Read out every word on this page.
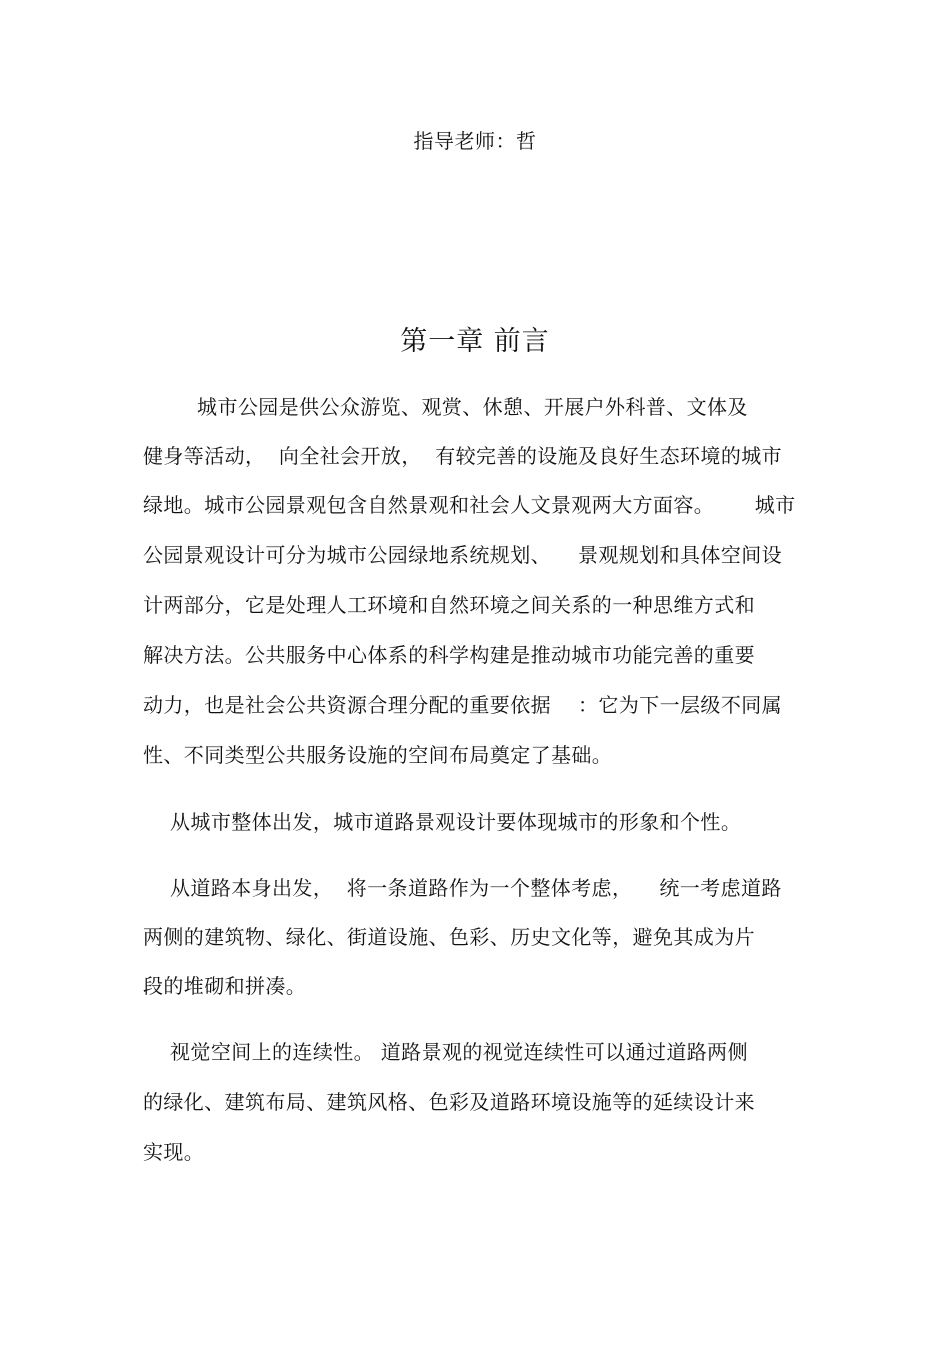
指导老师：哲
第一章 前言
城市公园是供公众游览、观赏、休憩、开展户外科普、文体及
健身等活动，  向全社会开放，  有较完善的设施及良好生态环境的城市
绿地。城市公园景观包含自然景观和社会人文景观两大方面容。      城市
公园景观设计可分为城市公园绿地系统规划、    景观规划和具体空间设
计两部分，它是处理人工环境和自然环境之间关系的一种思维方式和
解决方法。公共服务中心体系的科学构建是推动城市功能完善的重要
动力，也是社会公共资源合理分配的重要依据    ：它为下一层级不同属
性、不同类型公共服务设施的空间布局奠定了基础。
从城市整体出发，城市道路景观设计要体现城市的形象和个性。
从道路本身出发，  将一条道路作为一个整体考虑，    统一考虑道路
两侧的建筑物、绿化、街道设施、色彩、历史文化等，避免其成为片
段的堆砌和拼凑。
视觉空间上的连续性。 道路景观的视觉连续性可以通过道路两侧
的绿化、建筑布局、建筑风格、色彩及道路环境设施等的延续设计来
实现。
